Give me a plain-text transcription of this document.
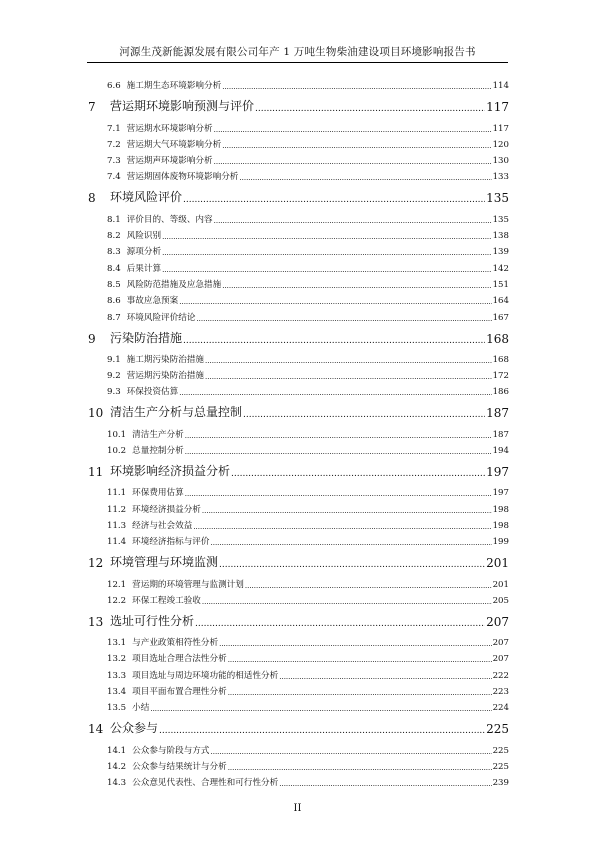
河源生茂新能源发展有限公司年产 1 万吨生物柴油建设项目环境影响报告书
6.6 施工期生态环境影响分析 .....	114
7	营运期环境影响预测与评价 .....	117
7.1 营运期水环境影响分析 .....	117
7.2 营运期大气环境影响分析 .....	120
7.3 营运期声环境影响分析 .....	130
7.4 营运期固体废物环境影响分析 .....	133
8	环境风险评价 .....	135
8.1 评价目的、等级、内容 .....	135
8.2 风险识别 .....	138
8.3 源项分析 .....	139
8.4 后果计算 .....	142
8.5 风险防范措施及应急措施 .....	151
8.6 事故应急预案 .....	164
8.7 环境风险评价结论 .....	167
9	污染防治措施 .....	168
9.1 施工期污染防治措施 .....	168
9.2 营运期污染防治措施 .....	172
9.3 环保投资估算 .....	186
10 清洁生产分析与总量控制 .....	187
10.1 清洁生产分析 .....	187
10.2 总量控制分析 .....	194
11 环境影响经济损益分析 .....	197
11.1 环保费用估算 .....	197
11.2 环境经济损益分析 .....	198
11.3 经济与社会效益 .....	198
11.4 环境经济指标与评价 .....	199
12 环境管理与环境监测 .....	201
12.1 营运期的环境管理与监测计划 .....	201
12.2 环保工程竣工验收 .....	205
13 选址可行性分析 .....	207
13.1 与产业政策相符性分析 .....	207
13.2 项目选址合理合法性分析 .....	207
13.3 项目选址与周边环境功能的相适性分析 .....	222
13.4 项目平面布置合理性分析 .....	223
13.5 小结 .....	224
14 公众参与 .....	225
14.1 公众参与阶段与方式 .....	225
14.2 公众参与结果统计与分析 .....	225
14.3 公众意见代表性、合理性和可行性分析 .....	239
II
